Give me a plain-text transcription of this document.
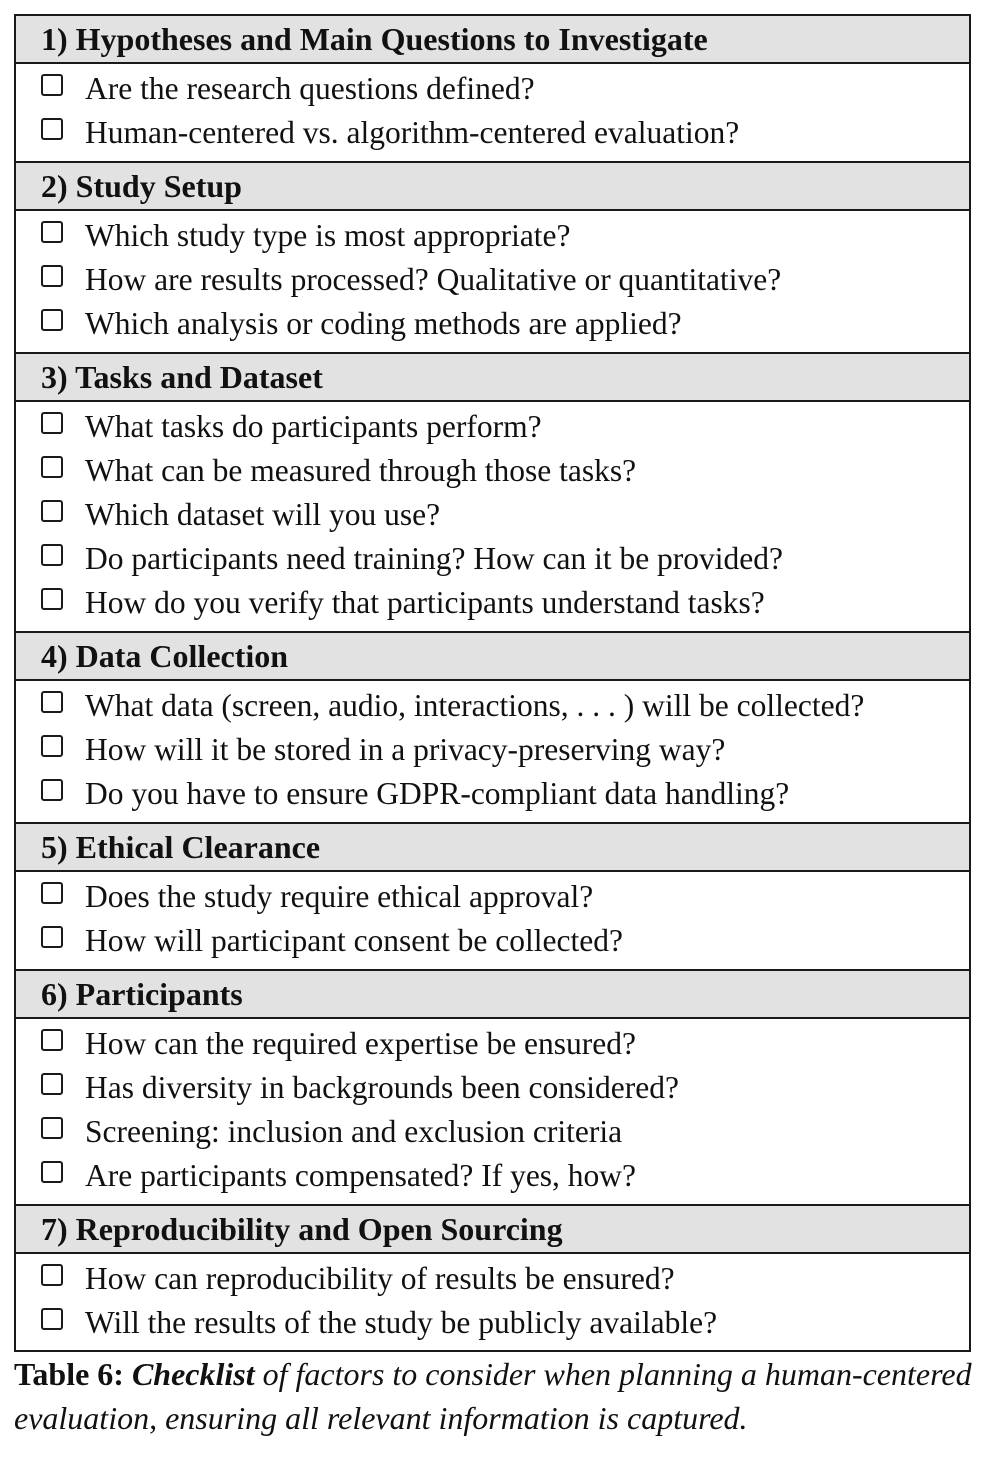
1) Hypotheses and Main Questions to Investigate
Are the research questions defined?
Human-centered vs. algorithm-centered evaluation?
2) Study Setup
Which study type is most appropriate?
How are results processed? Qualitative or quantitative?
Which analysis or coding methods are applied?
3) Tasks and Dataset
What tasks do participants perform?
What can be measured through those tasks?
Which dataset will you use?
Do participants need training? How can it be provided?
How do you verify that participants understand tasks?
4) Data Collection
What data (screen, audio, interactions, . . . ) will be collected?
How will it be stored in a privacy-preserving way?
Do you have to ensure GDPR-compliant data handling?
5) Ethical Clearance
Does the study require ethical approval?
How will participant consent be collected?
6) Participants
How can the required expertise be ensured?
Has diversity in backgrounds been considered?
Screening: inclusion and exclusion criteria
Are participants compensated? If yes, how?
7) Reproducibility and Open Sourcing
How can reproducibility of results be ensured?
Will the results of the study be publicly available?
Table 6: Checklist of factors to consider when planning a human-centered evaluation, ensuring all relevant information is captured.
